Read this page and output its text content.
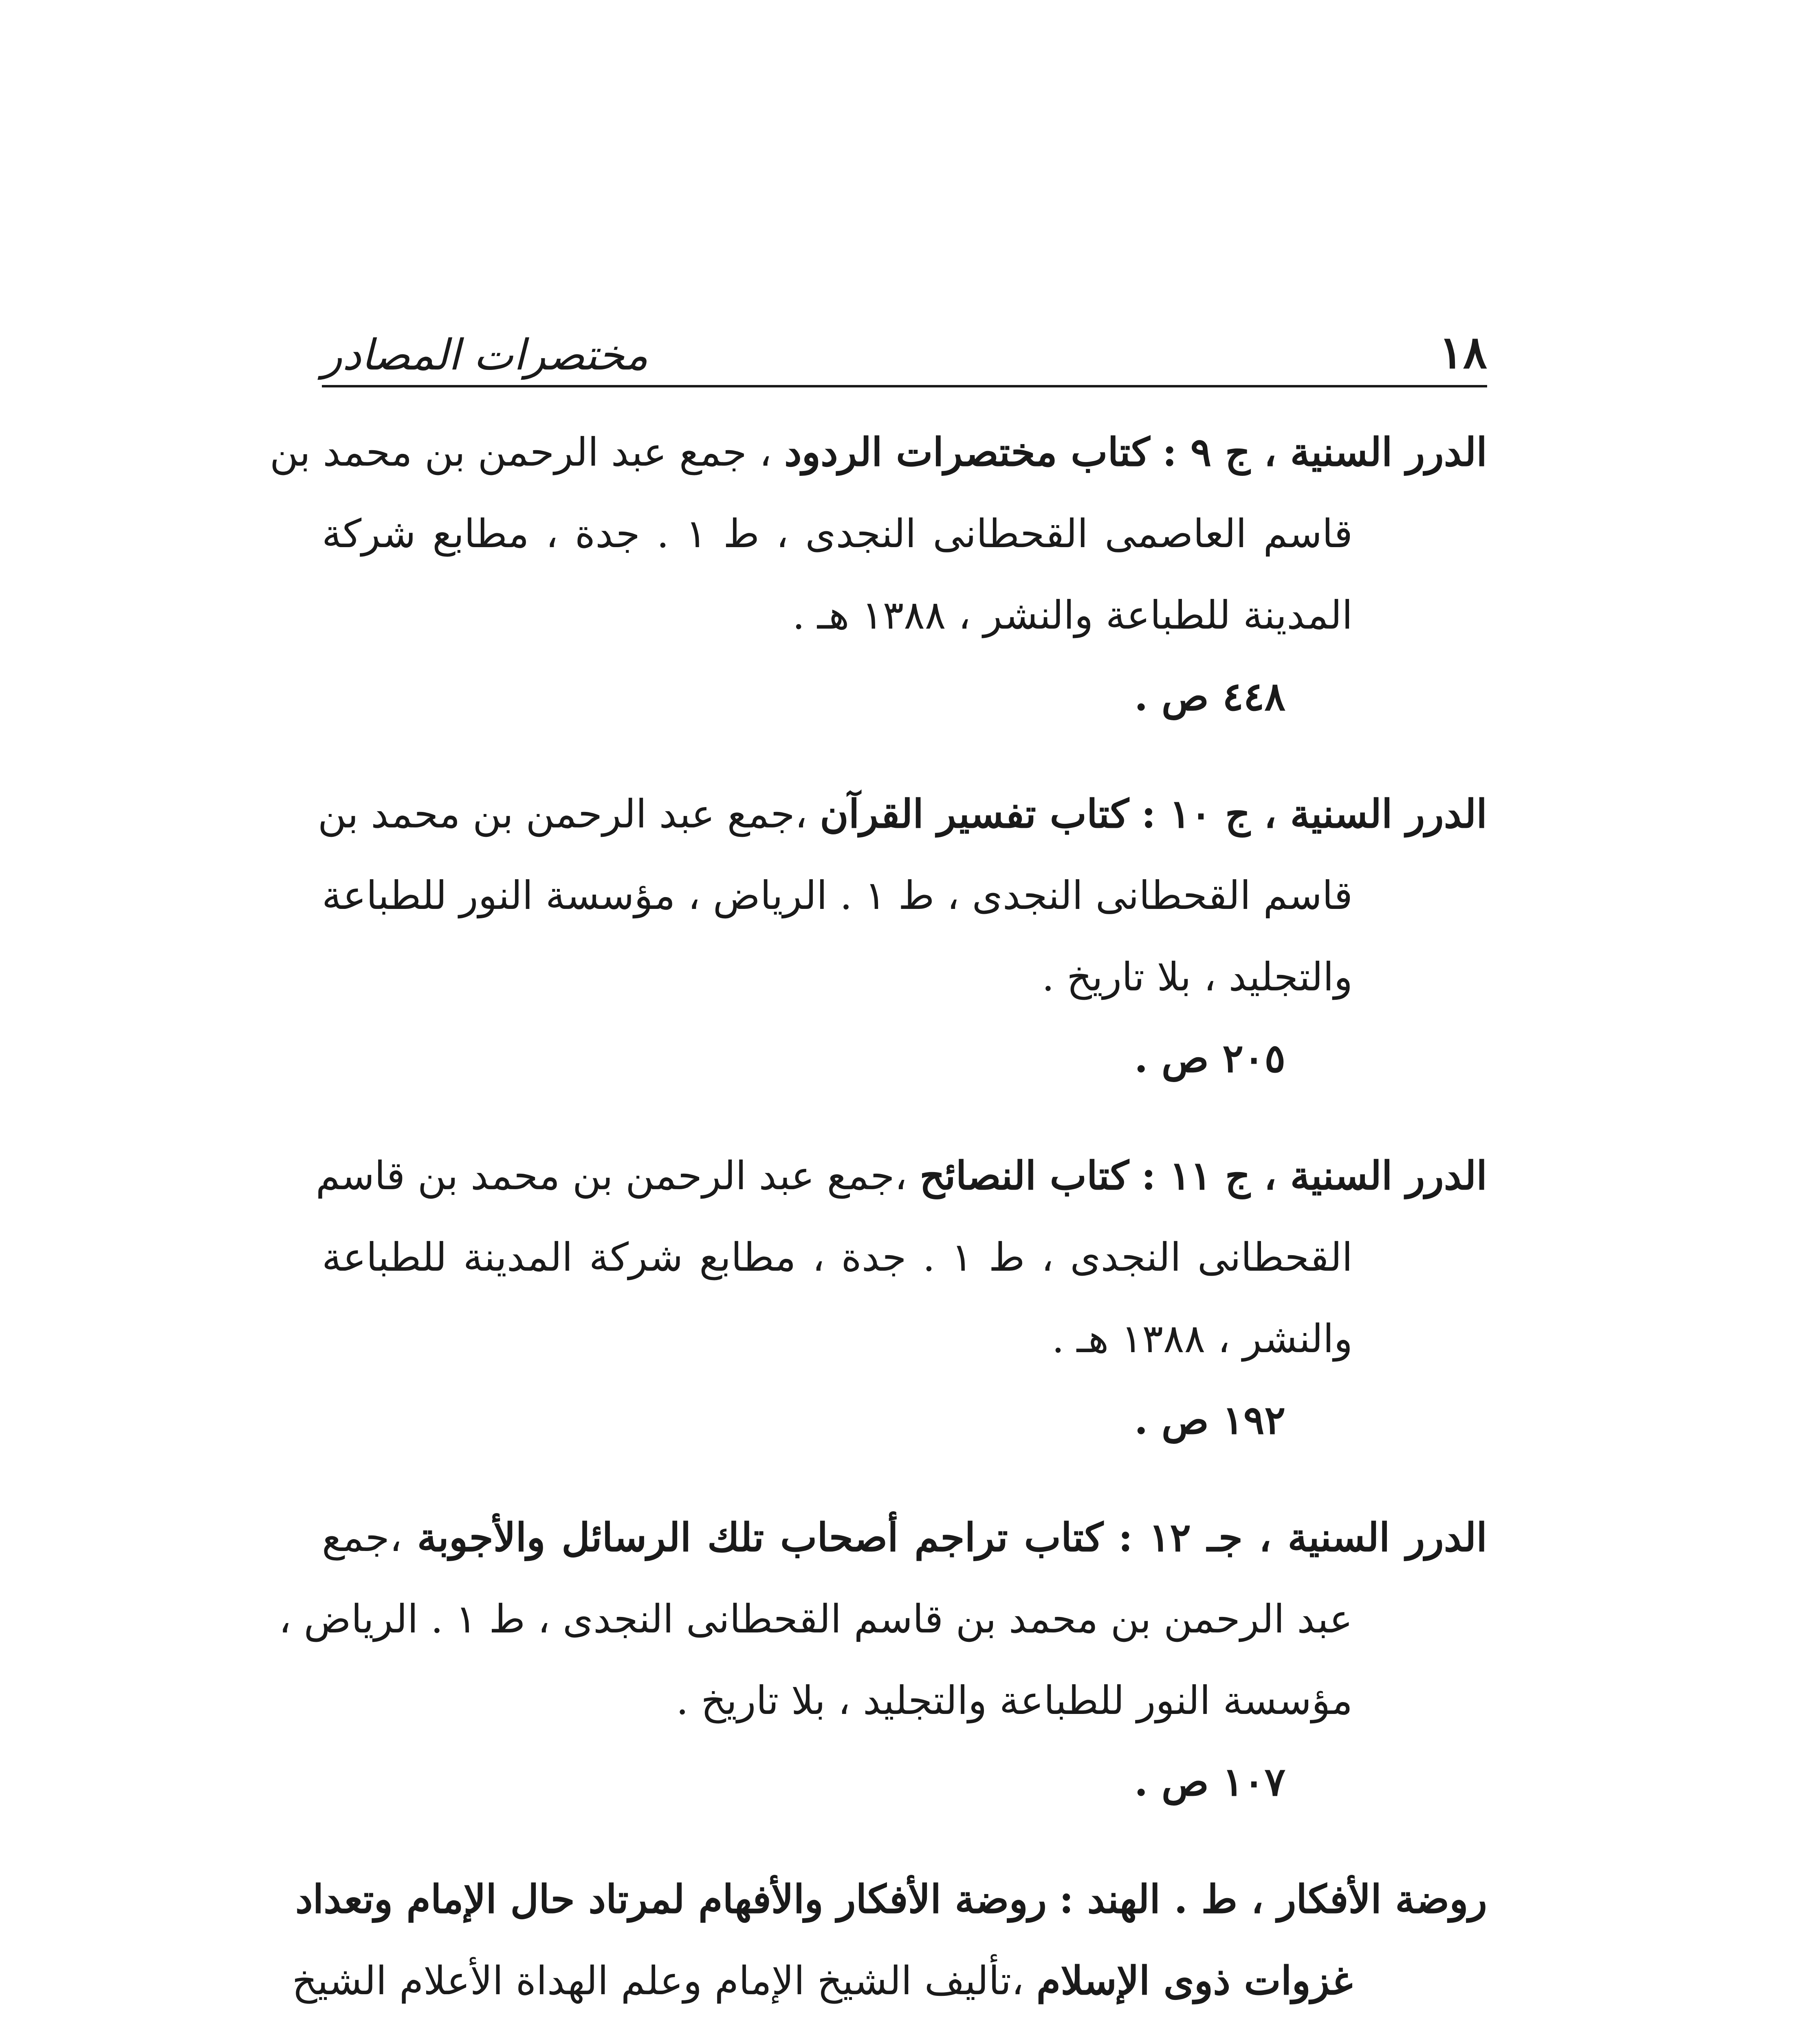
١٨
مختصرات المصادر
الدرر السنية ، ج ٩ : كتاب مختصرات الردود ، جمع عبد الرحمن بن محمد بن
قاسم العاصمى القحطانى النجدى ، ط ١ . جدة ، مطابع شركة
المدينة للطباعة والنشر ، ١٣٨٨ هـ .
٤٤٨ ص .
الدرر السنية ، ج ١٠ : كتاب تفسير القرآن ،جمع عبد الرحمن بن محمد بن
قاسم القحطانى النجدى ، ط ١ . الرياض ، مؤسسة النور للطباعة
والتجليد ، بلا تاريخ .
٢٠٥ ص .
الدرر السنية ، ج ١١ : كتاب النصائح ،جمع عبد الرحمن بن محمد بن قاسم
القحطانى النجدى ، ط ١ . جدة ، مطابع شركة المدينة للطباعة
والنشر ، ١٣٨٨ هـ .
١٩٢ ص .
الدرر السنية ، جـ ١٢ : كتاب تراجم أصحاب تلك الرسائل والأجوبة ،جمع
عبد الرحمن بن محمد بن قاسم القحطانى النجدى ، ط ١ . الرياض ،
مؤسسة النور للطباعة والتجليد ، بلا تاريخ .
١٠٧ ص .
روضة الأفكار ، ط . الهند : روضة الأفكار والأفهام لمرتاد حال الإمام وتعداد
غزوات ذوى الإسلام ،تأليف الشيخ الإمام وعلم الهداة الأعلام الشيخ
